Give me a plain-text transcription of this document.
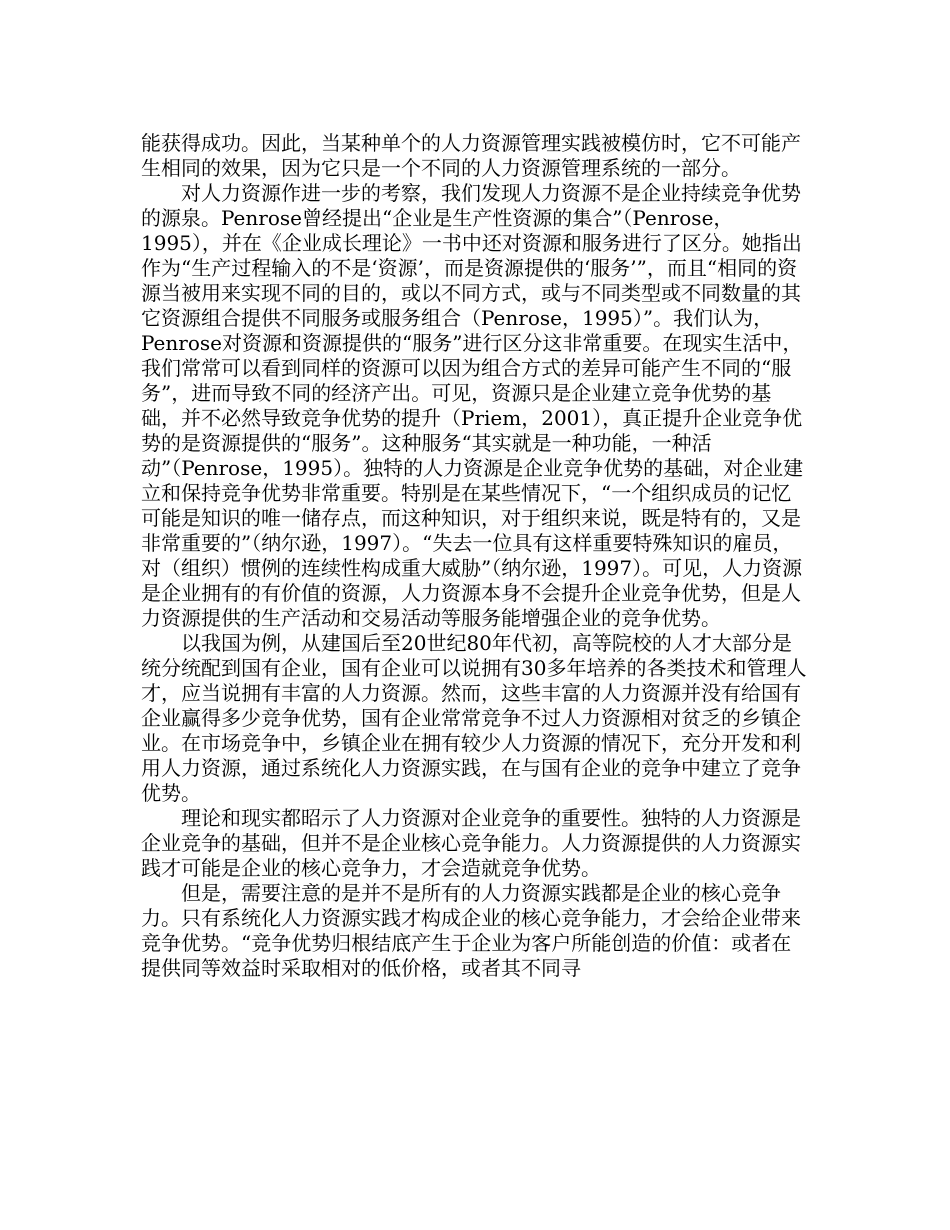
能获得成功。因此，当某种单个的人力资源管理实践被模仿时，它不可能产生相同的效果，因为它只是一个不同的人力资源管理系统的一部分。

对人力资源作进一步的考察，我们发现人力资源不是企业持续竞争优势的源泉。Penrose曾经提出“企业是生产性资源的集合”（Penrose，1995），并在《企业成长理论》一书中还对资源和服务进行了区分。她指出作为“生产过程输入的不是‘资源’，而是资源提供的‘服务’”，而且“相同的资源当被用来实现不同的目的，或以不同方式，或与不同类型或不同数量的其它资源组合提供不同服务或服务组合（Penrose，1995）”。我们认为，Penrose对资源和资源提供的“服务”进行区分这非常重要。在现实生活中，我们常常可以看到同样的资源可以因为组合方式的差异可能产生不同的“服务”，进而导致不同的经济产出。可见，资源只是企业建立竞争优势的基础，并不必然导致竞争优势的提升（Priem，2001），真正提升企业竞争优势的是资源提供的“服务”。这种服务“其实就是一种功能，一种活动”（Penrose，1995）。独特的人力资源是企业竞争优势的基础，对企业建立和保持竞争优势非常重要。特别是在某些情况下，“一个组织成员的记忆可能是知识的唯一储存点，而这种知识，对于组织来说，既是特有的，又是非常重要的”（纳尔逊，1997）。“失去一位具有这样重要特殊知识的雇员，对（组织）惯例的连续性构成重大威胁”（纳尔逊，1997）。可见，人力资源是企业拥有的有价值的资源，人力资源本身不会提升企业竞争优势，但是人力资源提供的生产活动和交易活动等服务能增强企业的竞争优势。

以我国为例，从建国后至20世纪80年代初，高等院校的人才大部分是统分统配到国有企业，国有企业可以说拥有30多年培养的各类技术和管理人才，应当说拥有丰富的人力资源。然而，这些丰富的人力资源并没有给国有企业赢得多少竞争优势，国有企业常常竞争不过人力资源相对贫乏的乡镇企业。在市场竞争中，乡镇企业在拥有较少人力资源的情况下，充分开发和利用人力资源，通过系统化人力资源实践，在与国有企业的竞争中建立了竞争优势。

理论和现实都昭示了人力资源对企业竞争的重要性。独特的人力资源是企业竞争的基础，但并不是企业核心竞争能力。人力资源提供的人力资源实践才可能是企业的核心竞争力，才会造就竞争优势。

但是，需要注意的是并不是所有的人力资源实践都是企业的核心竞争力。只有系统化人力资源实践才构成企业的核心竞争能力，才会给企业带来竞争优势。“竞争优势归根结底产生于企业为客户所能创造的价值：或者在提供同等效益时采取相对的低价格，或者其不同寻
